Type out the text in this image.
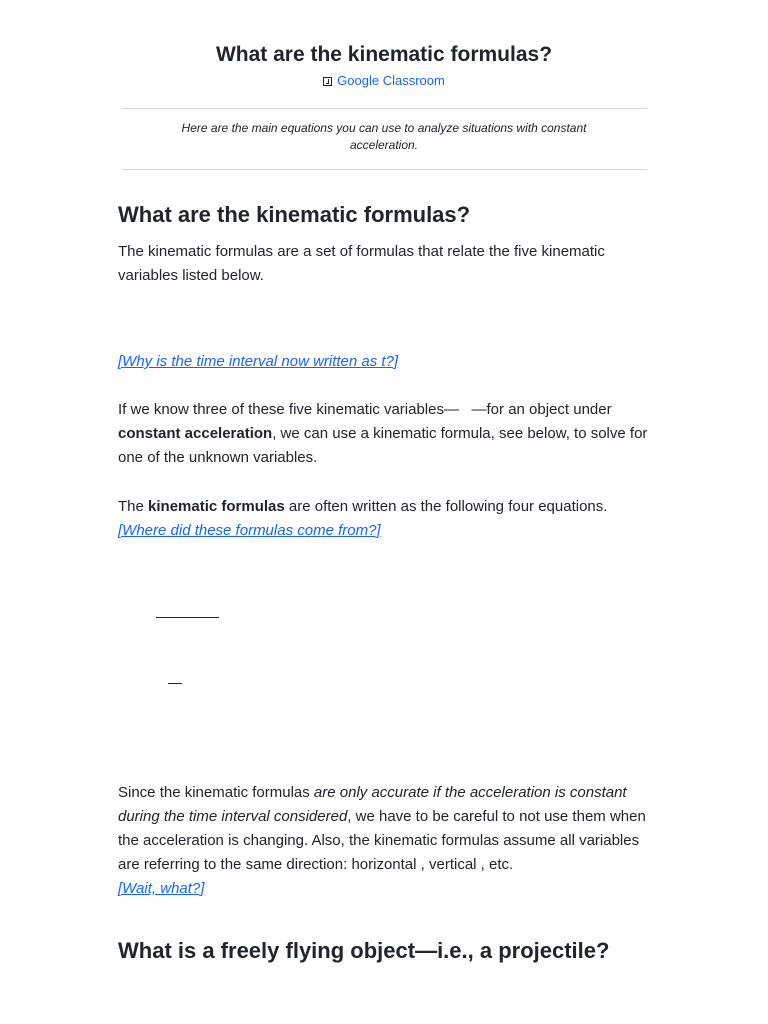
What are the kinematic formulas?
Google Classroom
Here are the main equations you can use to analyze situations with constant acceleration.
What are the kinematic formulas?

The kinematic formulas are a set of formulas that relate the five kinematic variables listed below.

[Why is the time interval now written as t?]

If we know three of these five kinematic variables— —for an object under constant acceleration, we can use a kinematic formula, see below, to solve for one of the unknown variables.

The kinematic formulas are often written as the following four equations.
[Where did these formulas come from?]

Since the kinematic formulas are only accurate if the acceleration is constant during the time interval considered, we have to be careful to not use them when the acceleration is changing. Also, the kinematic formulas assume all variables are referring to the same direction: horizontal , vertical , etc.
[Wait, what?]

What is a freely flying object—i.e., a projectile?
